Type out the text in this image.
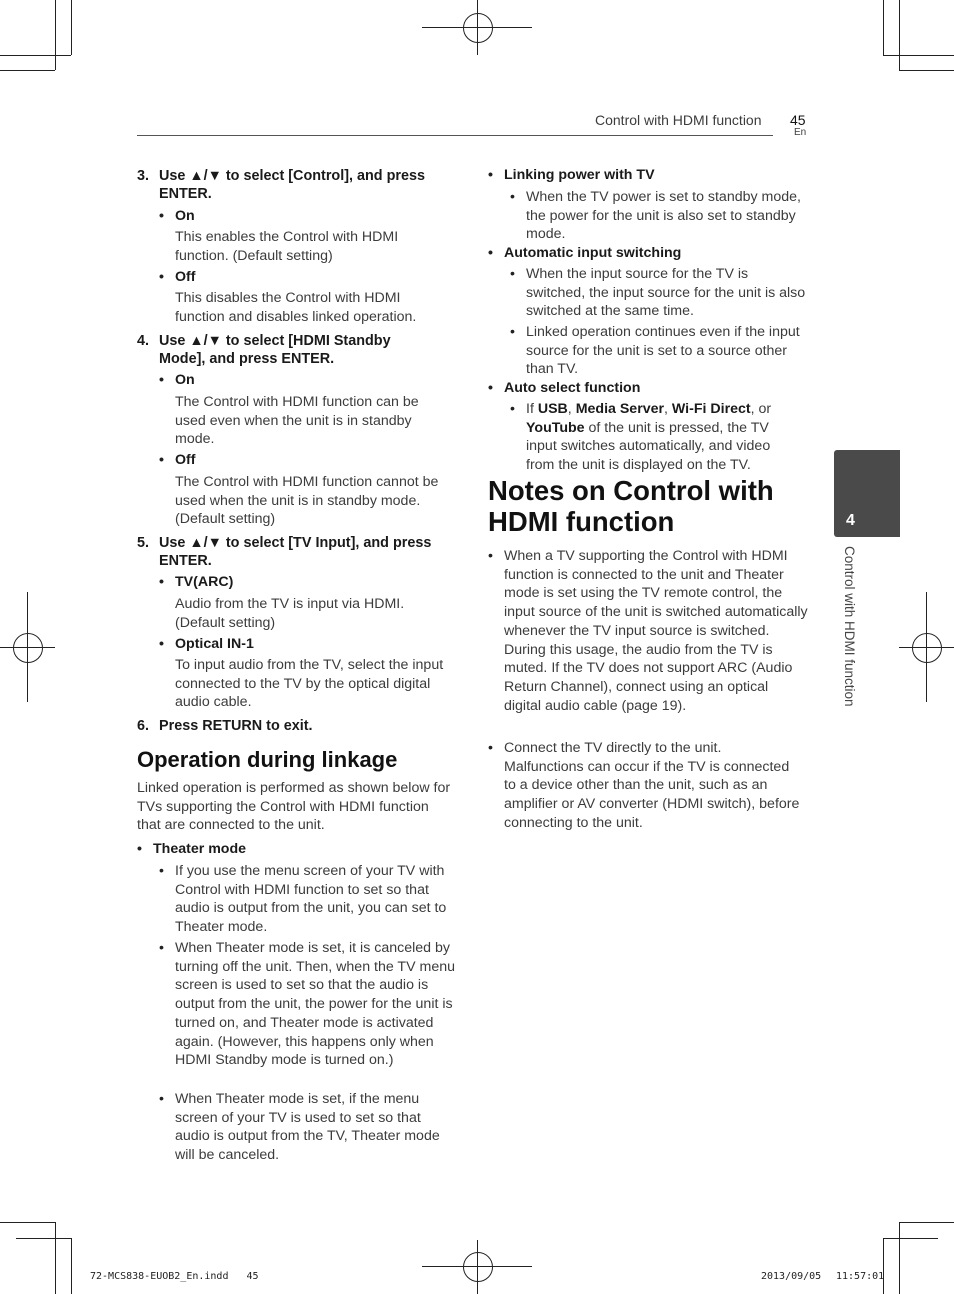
Control with HDMI function 45
En
4
Control with HDMI function
3. Use ▲/▼ to select [Control], and press ENTER.
• On
This enables the Control with HDMI function. (Default setting)
• Off
This disables the Control with HDMI function and disables linked operation.
4. Use ▲/▼ to select [HDMI Standby Mode], and press ENTER.
• On
The Control with HDMI function can be used even when the unit is in standby mode.
• Off
The Control with HDMI function cannot be used when the unit is in standby mode. (Default setting)
5. Use ▲/▼ to select [TV Input], and press ENTER.
• TV(ARC)
Audio from the TV is input via HDMI. (Default setting)
• Optical IN-1
To input audio from the TV, select the input connected to the TV by the optical digital audio cable.
6. Press RETURN to exit.
Operation during linkage
Linked operation is performed as shown below for TVs supporting the Control with HDMI function that are connected to the unit.
• Theater mode
• If you use the menu screen of your TV with Control with HDMI function to set so that audio is output from the unit, you can set to Theater mode.
• When Theater mode is set, it is canceled by turning off the unit. Then, when the TV menu screen is used to set so that the audio is output from the unit, the power for the unit is turned on, and Theater mode is activated again. (However, this happens only when HDMI Standby mode is turned on.)
• When Theater mode is set, if the menu screen of your TV is used to set so that audio is output from the TV, Theater mode will be canceled.
• Linking power with TV
• When the TV power is set to standby mode, the power for the unit is also set to standby mode.
• Automatic input switching
• When the input source for the TV is switched, the input source for the unit is also switched at the same time.
• Linked operation continues even if the input source for the unit is set to a source other than TV.
• Auto select function
• If USB, Media Server, Wi-Fi Direct, or YouTube of the unit is pressed, the TV input switches automatically, and video from the unit is displayed on the TV.
Notes on Control with HDMI function
• When a TV supporting the Control with HDMI function is connected to the unit and Theater mode is set using the TV remote control, the input source of the unit is switched automatically whenever the TV input source is switched. During this usage, the audio from the TV is muted. If the TV does not support ARC (Audio Return Channel), connect using an optical digital audio cable (page 19).
• Connect the TV directly to the unit. Malfunctions can occur if the TV is connected to a device other than the unit, such as an amplifier or AV converter (HDMI switch), before connecting to the unit.
72-MCS838-EUOB2_En.indd   45	2013/09/05 11:57:01
